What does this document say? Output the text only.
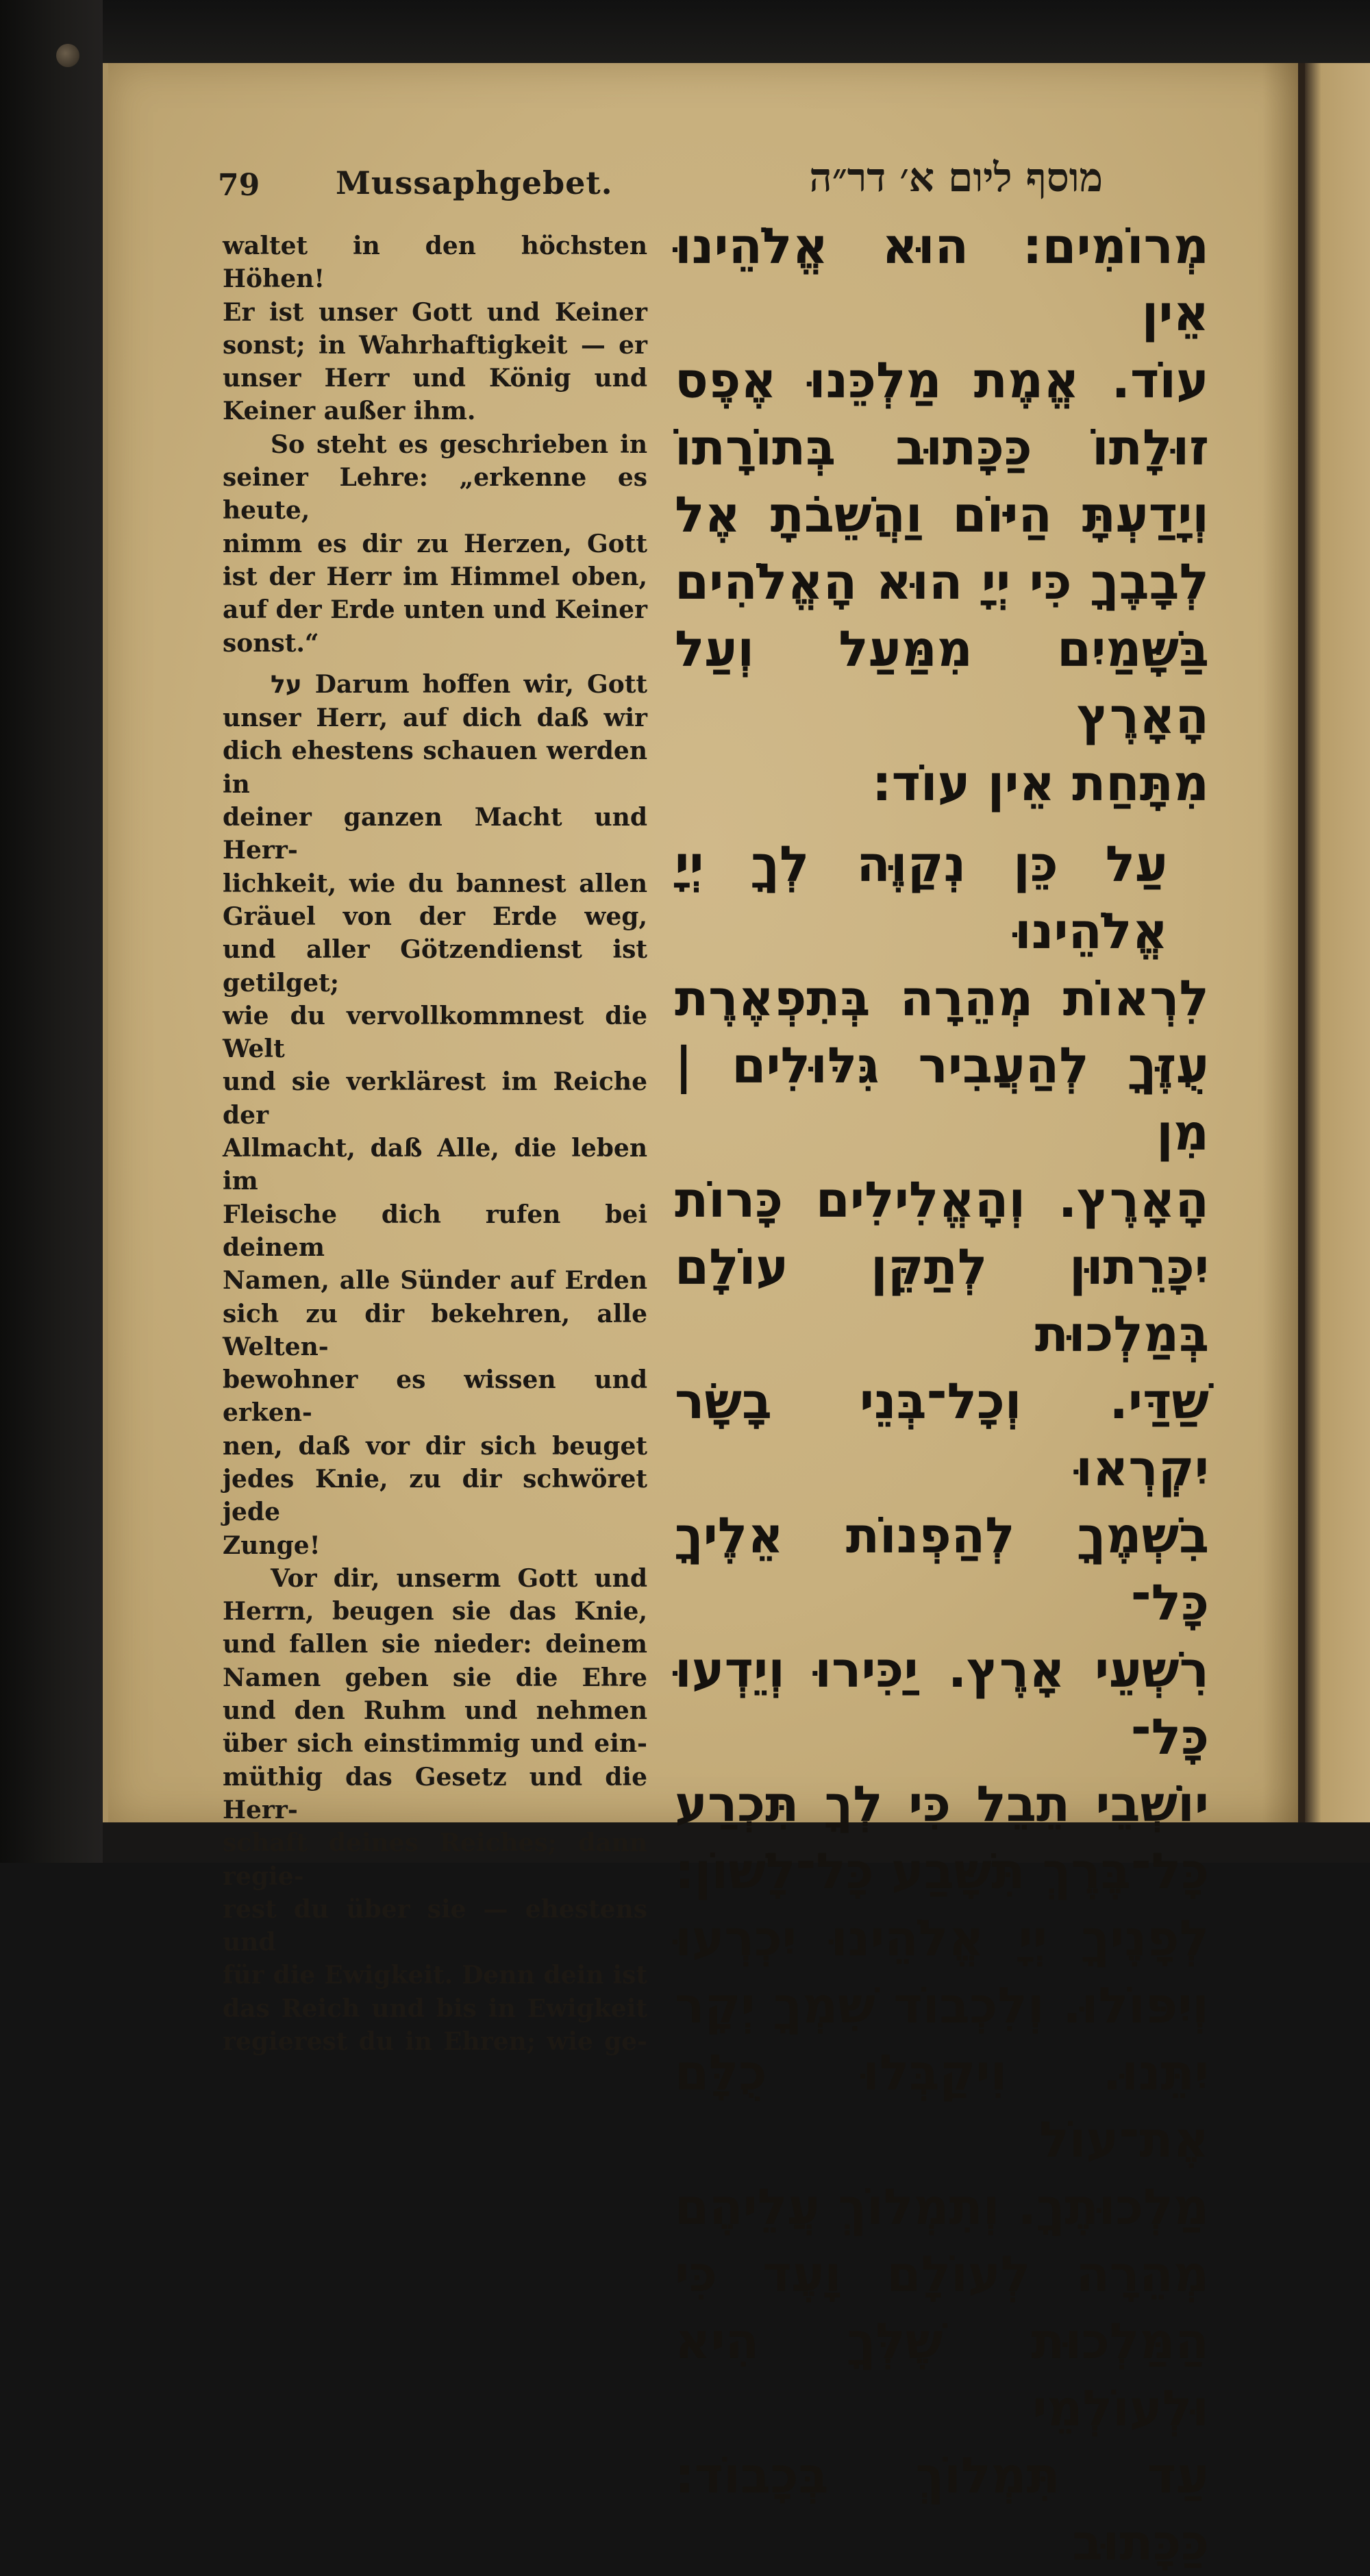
79 Mussaphgebet.	מוסף ליום א׳ דר״ה

waltet in den höchsten Höhen!

Er ist unser Gott und Keiner

sonst; in Wahrhaftigkeit — er

unser Herr und König und

Keiner außer ihm.

So steht es geschrieben in

seiner Lehre: „erkenne es heute,

nimm es dir zu Herzen, Gott

ist der Herr im Himmel oben,

auf der Erde unten und Keiner

sonst.“

על Darum hoffen wir, Gott

unser Herr, auf dich daß wir

dich ehestens schauen werden in

deiner ganzen Macht und Herr-

lichkeit, wie du bannest allen

Gräuel von der Erde weg,

und aller Götzendienst ist getilget;

wie du vervollkommnest die Welt

und sie verklärest im Reiche der

Allmacht, daß Alle, die leben im

Fleische dich rufen bei deinem

Namen, alle Sünder auf Erden

sich zu dir bekehren, alle Welten-

bewohner es wissen und erken-

nen, daß vor dir sich beuget

jedes Knie, zu dir schwöret jede

Zunge!

Vor dir, unserm Gott und

Herrn, beugen sie das Knie,

und fallen sie nieder: deinem

Namen geben sie die Ehre

und den Ruhm und nehmen

über sich einstimmig und ein-

müthig das Gesetz und die Herr-

schaft deines Reiches; dann regie-

rest du über sie — ehestens und

für die Ewigkeit. Denn dein ist

das Reich und bis in Ewigkeit

regierest du in Ehren; wie ge-

מְרוֹמִים: הוּא אֱלֹהֵינוּ אֵין

עוֹד. אֱמֶת מַלְכֵּנוּ אֶפֶס

זוּלָתוֹ כַּכָּתוּב בְּתוֹרָתוֹ

וְיָדַעְתָּ הַיּוֹם וַהֲשֵׁבֹתָ אֶל

לְבָבֶךָ כִּי יְיָ הוּא הָאֱלֹהִים

בַּשָּׁמַיִם מִמַּעַל וְעַל הָאָרֶץ

מִתָּחַת אֵין עוֹד:

עַל כֵּן נְקַוֶּה לְךָ יְיָ אֱלֹהֵינוּ

לִרְאוֹת מְהֵרָה בְּתִפְאֶרֶת

עֻזֶּךָ לְהַעֲבִיר גִּלּוּלִים | מִן

הָאָרֶץ. וְהָאֱלִילִים כָּרוֹת

יִכָּרֵתוּן לְתַקֵּן עוֹלָם בְּמַלְכוּת

שַׁדַּי. וְכָל־בְּנֵי בָשָׂר יִקְרְאוּ

בִשְׁמֶךָ לְהַפְנוֹת אֵלֶיךָ כָּל־

רִשְׁעֵי אָרֶץ. יַכִּירוּ וְיֵדְעוּ כָּל־

יוֹשְׁבֵי תֵבֵל כִּי לְךָ תִּכְרַע

כָּל־בֶּרֶךְ תִּשָּׁבַע כָּל־לָשׁוֹן:

לְפָנֶיךָ יְיָ אֱלֹהֵינוּ יִכְרְעוּ

וְיִפּוֹלוּ. וְלִכְבוֹד שִׁמְךָ יְקָר

יִתֵּנוּ. וִיקַבְּלוּ כֻלָּם אֶת־עוֹל

מַלְכוּתֶךָ. וְתִמְלוֹךְ עֲלֵיהֶם

מְהֵרָה לְעוֹלָם וָעֶד כִּי

הַמַּלְכוּת שֶׁלְּךָ הִיא וּלְעוֹלְמֵי

עַד תִּמְלוֹךְ בְּכָבוֹד: כַּכָּתוּב
